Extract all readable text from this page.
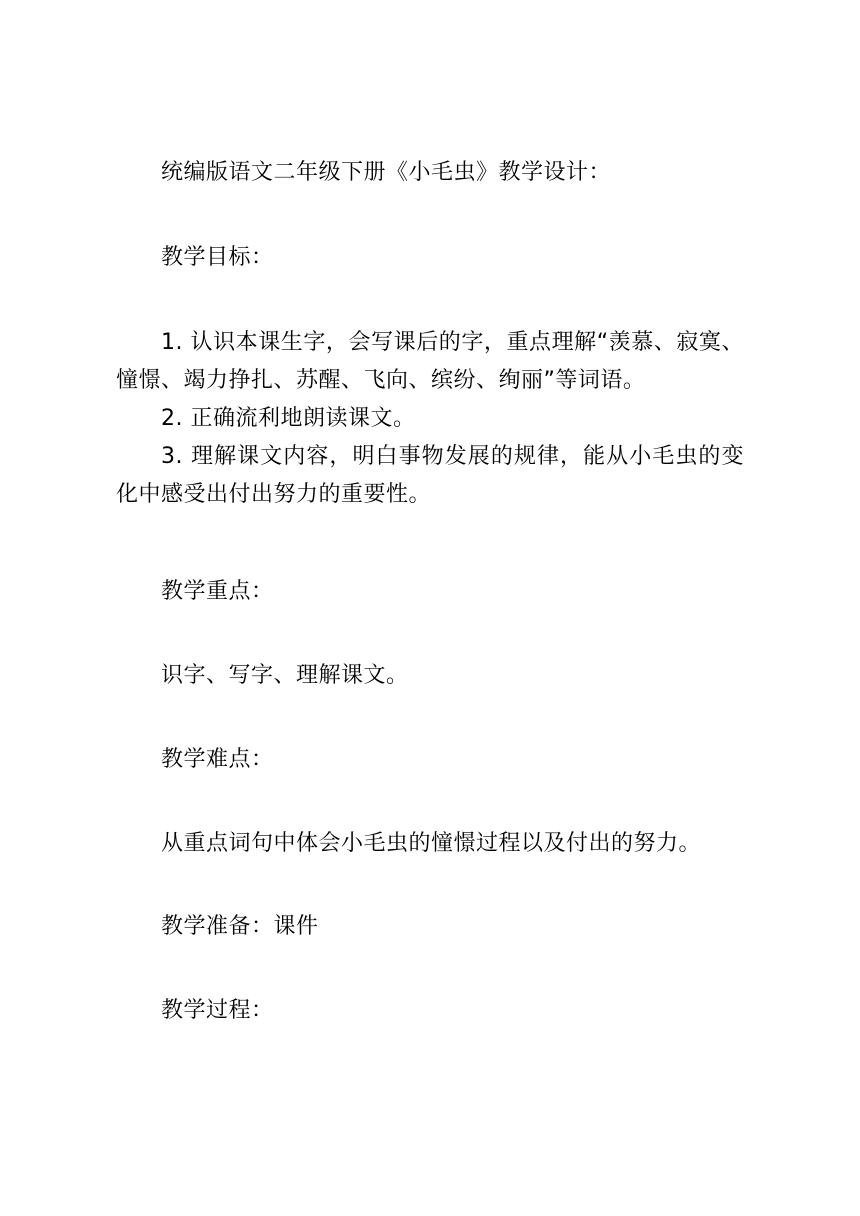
统编版语文二年级下册《小毛虫》教学设计：
教学目标：

1. 认识本课生字，会写课后的字，重点理解“羡慕、寂寞、憧憬、竭力挣扎、苏醒、飞向、缤纷、绚丽”等词语。

2. 正确流利地朗读课文。

3. 理解课文内容，明白事物发展的规律，能从小毛虫的变化中感受出付出努力的重要性。

教学重点：
识字、写字、理解课文。
教学难点：
从重点词句中体会小毛虫的憧憬过程以及付出的努力。
教学准备：课件
教学过程：
